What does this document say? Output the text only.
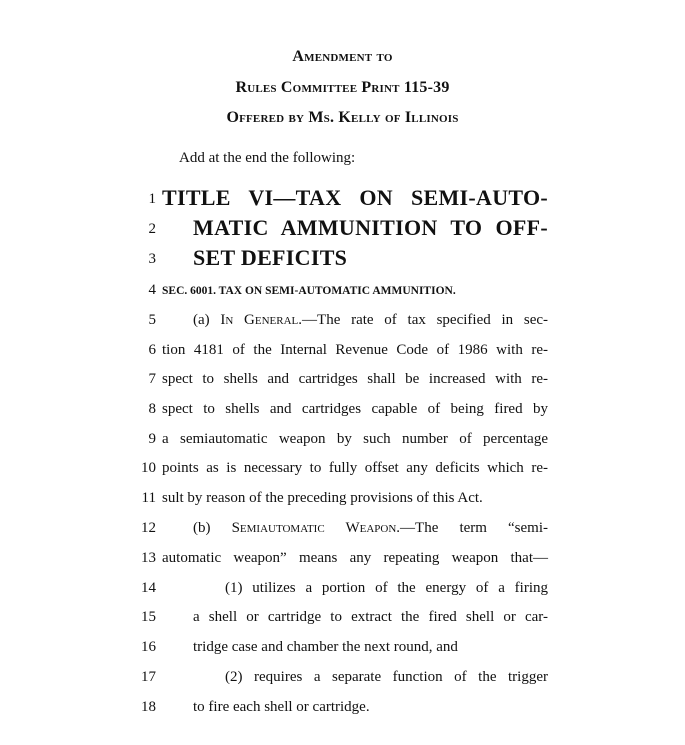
Amendment to
Rules Committee Print 115-39
Offered by Ms. Kelly of Illinois
Add at the end the following:
1 TITLE VI—TAX ON SEMI-AUTO-
2 MATIC AMMUNITION TO OFF-
3 SET DEFICITS
4 SEC. 6001. TAX ON SEMI-AUTOMATIC AMMUNITION.
5 (a) In General.—The rate of tax specified in sec-
6 tion 4181 of the Internal Revenue Code of 1986 with re-
7 spect to shells and cartridges shall be increased with re-
8 spect to shells and cartridges capable of being fired by
9 a semiautomatic weapon by such number of percentage
10 points as is necessary to fully offset any deficits which re-
11 sult by reason of the preceding provisions of this Act.
12 (b) Semiautomatic Weapon.—The term “semi-
13 automatic weapon” means any repeating weapon that—
14	(1) utilizes a portion of the energy of a firing
15 a shell or cartridge to extract the fired shell or car-
16 tridge case and chamber the next round, and
17	(2) requires a separate function of the trigger
18 to fire each shell or cartridge.
